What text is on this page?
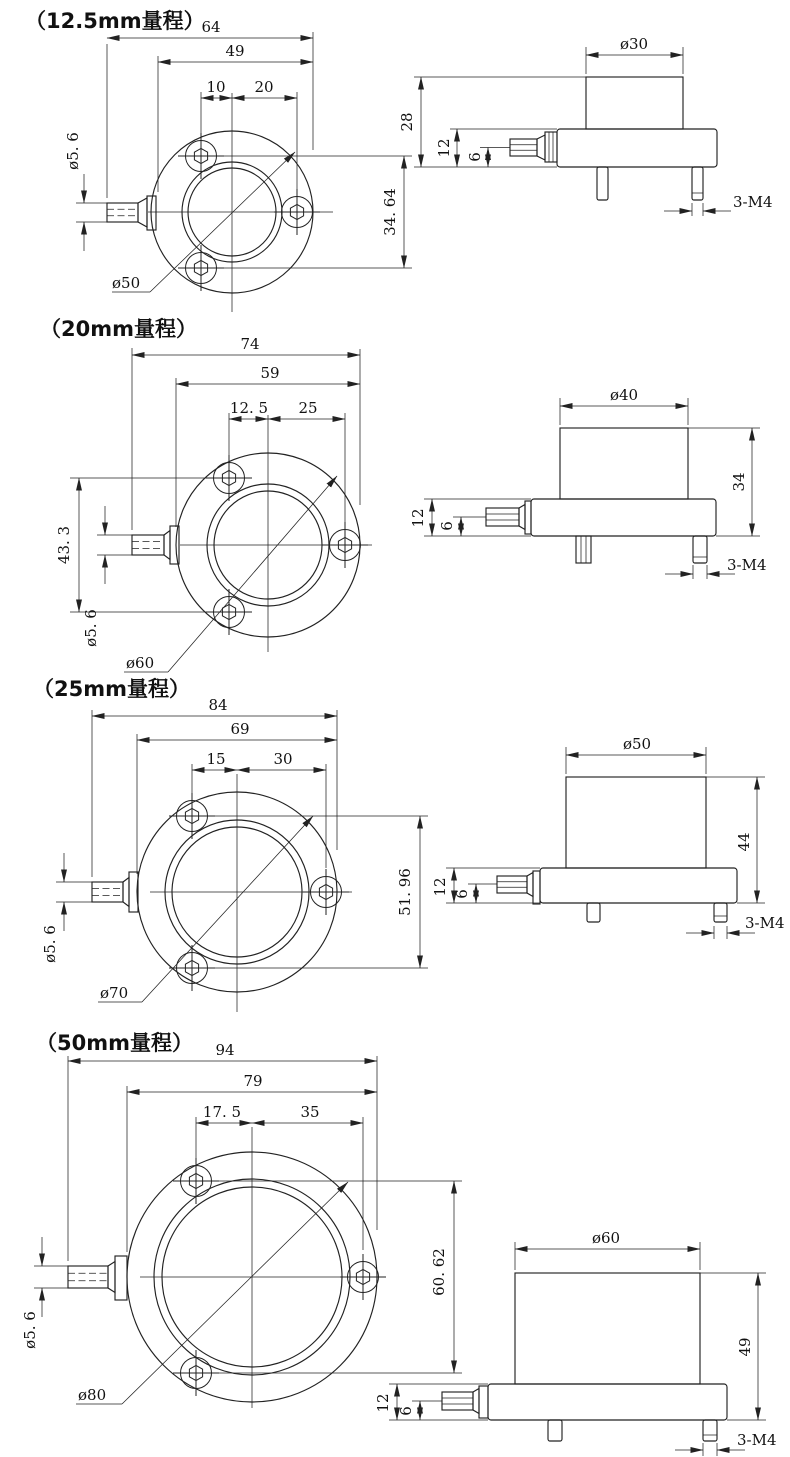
（12.5mm量程）
64
49
10 20
34. 64
ø5. 6
ø50
ø30
28
12 6
3-M4
（20mm量程）
74
59
12. 5 25
43. 3
ø5. 6
ø60
ø40
34
12 6
3-M4
（25mm量程）
84
69
15	30
51. 96
ø5. 6
ø70
ø50
44
12 6
3-M4
（50mm量程） 94
79
17. 5	35
60. 62
ø5. 6
ø80
ø60
49
12 6
3-M4
